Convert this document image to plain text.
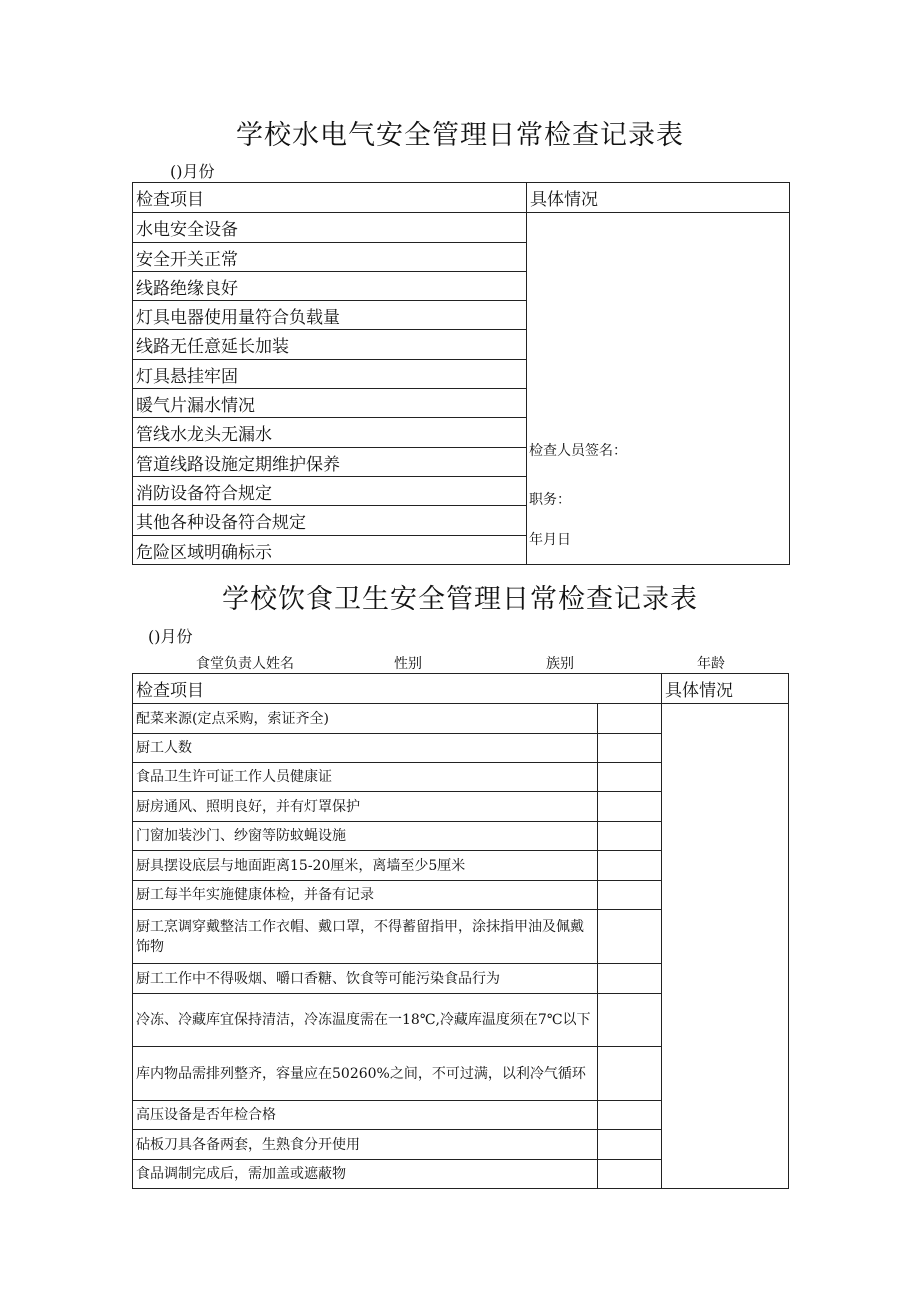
学校水电气安全管理日常检查记录表
()月份
检查项目	具体情况
水电安全设备	检查人员签名：
职务：
年月日

安全开关正常	
线路绝缘良好	
灯具电器使用量符合负载量	
线路无任意延长加装	
灯具悬挂牢固	
暖气片漏水情况	
管线水龙头无漏水	
管道线路设施定期维护保养	
消防设备符合规定	
其他各种设备符合规定	
危险区域明确标示	
学校饮食卫生安全管理日常检查记录表
()月份
食堂负责人姓名	性别	族别	年龄
检查项目		具体情况
配菜来源(定点采购，索证齐全)		
厨工人数		
食品卫生许可证工作人员健康证		
厨房通风、照明良好，并有灯罩保护		
门窗加装沙门、纱窗等防蚊蝇设施		
厨具摆设底层与地面距离15-20厘米，离墙至少5厘米		
厨工每半年实施健康体检，并备有记录		
厨工烹调穿戴整洁工作衣帽、戴口罩，不得蓄留指甲，涂抹指甲油及佩戴饰物		
厨工工作中不得吸烟、嚼口香糖、饮食等可能污染食品行为		
冷冻、冷藏库宜保持清洁，冷冻温度需在一18℃,冷藏库温度须在7℃以下		
库内物品需排列整齐，容量应在50260%之间，不可过满，以利冷气循环		
高压设备是否年检合格		
砧板刀具各备两套，生熟食分开使用		
食品调制完成后，需加盖或遮蔽物		
